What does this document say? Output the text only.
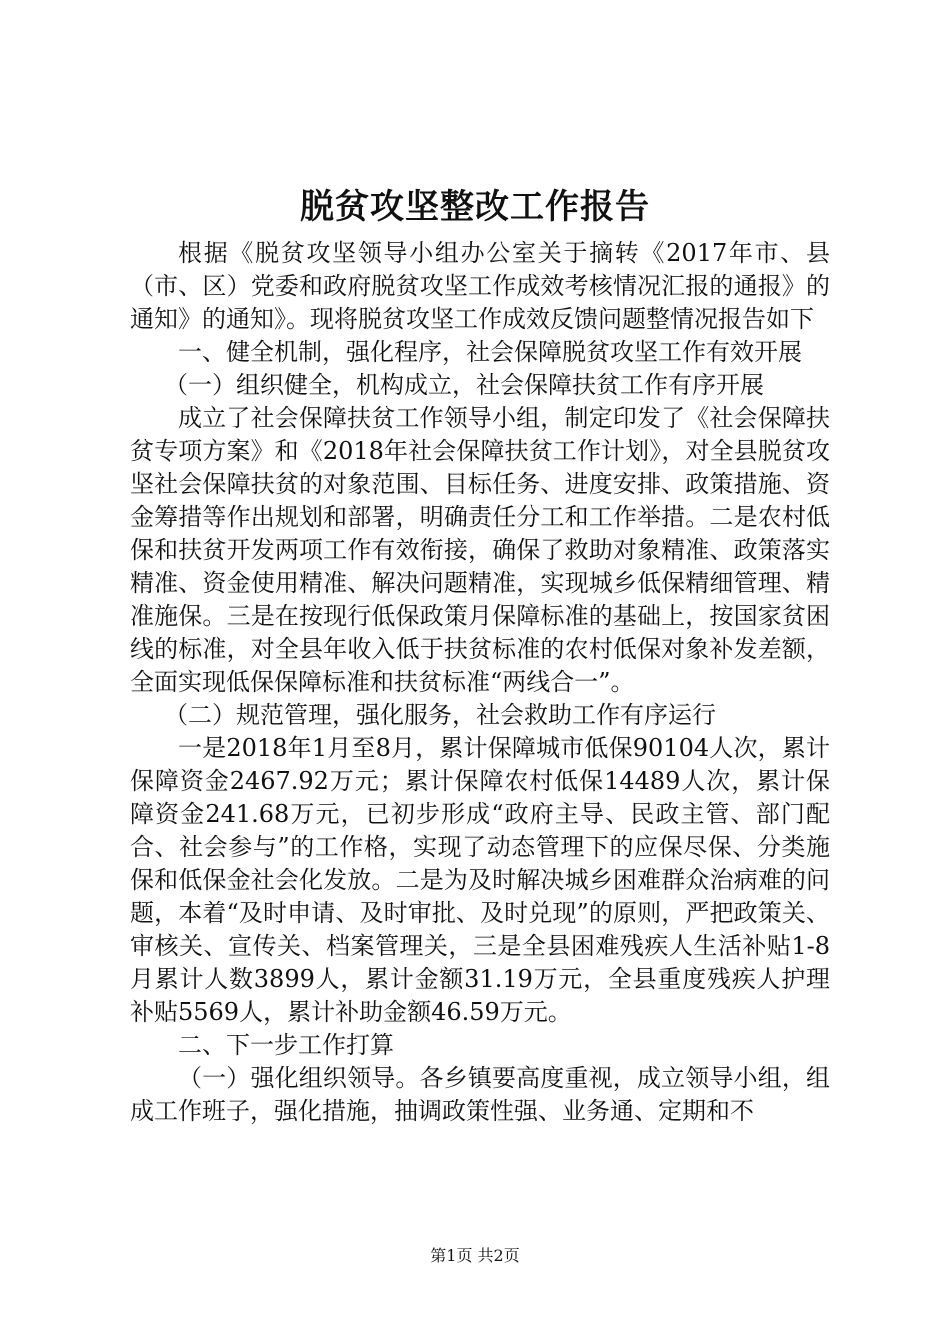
脱贫攻坚整改工作报告

根据《脱贫攻坚领导小组办公室关于摘转《2017年市、县（市、区）党委和政府脱贫攻坚工作成效考核情况汇报的通报》的通知》的通知》。现将脱贫攻坚工作成效反馈问题整情况报告如下

一、健全机制，强化程序，社会保障脱贫攻坚工作有效开展

（一）组织健全，机构成立，社会保障扶贫工作有序开展

成立了社会保障扶贫工作领导小组，制定印发了《社会保障扶贫专项方案》和《2018年社会保障扶贫工作计划》，对全县脱贫攻坚社会保障扶贫的对象范围、目标任务、进度安排、政策措施、资金筹措等作出规划和部署，明确责任分工和工作举措。二是农村低保和扶贫开发两项工作有效衔接，确保了救助对象精准、政策落实精准、资金使用精准、解决问题精准，实现城乡低保精细管理、精准施保。三是在按现行低保政策月保障标准的基础上，按国家贫困线的标准，对全县年收入低于扶贫标准的农村低保对象补发差额，全面实现低保保障标准和扶贫标准“两线合一”。

（二）规范管理，强化服务，社会救助工作有序运行

一是2018年1月至8月，累计保障城市低保90104人次，累计保障资金2467.92万元；累计保障农村低保14489人次，累计保障资金241.68万元，已初步形成“政府主导、民政主管、部门配合、社会参与”的工作格，实现了动态管理下的应保尽保、分类施保和低保金社会化发放。二是为及时解决城乡困难群众治病难的问题，本着“及时申请、及时审批、及时兑现”的原则，严把政策关、审核关、宣传关、档案管理关，三是全县困难残疾人生活补贴1-8月累计人数3899人，累计金额31.19万元，全县重度残疾人护理补贴5569人，累计补助金额46.59万元。

二、下一步工作打算

（一）强化组织领导。各乡镇要高度重视，成立领导小组，组成工作班子，强化措施，抽调政策性强、业务通、定期和不

第1页 共2页
